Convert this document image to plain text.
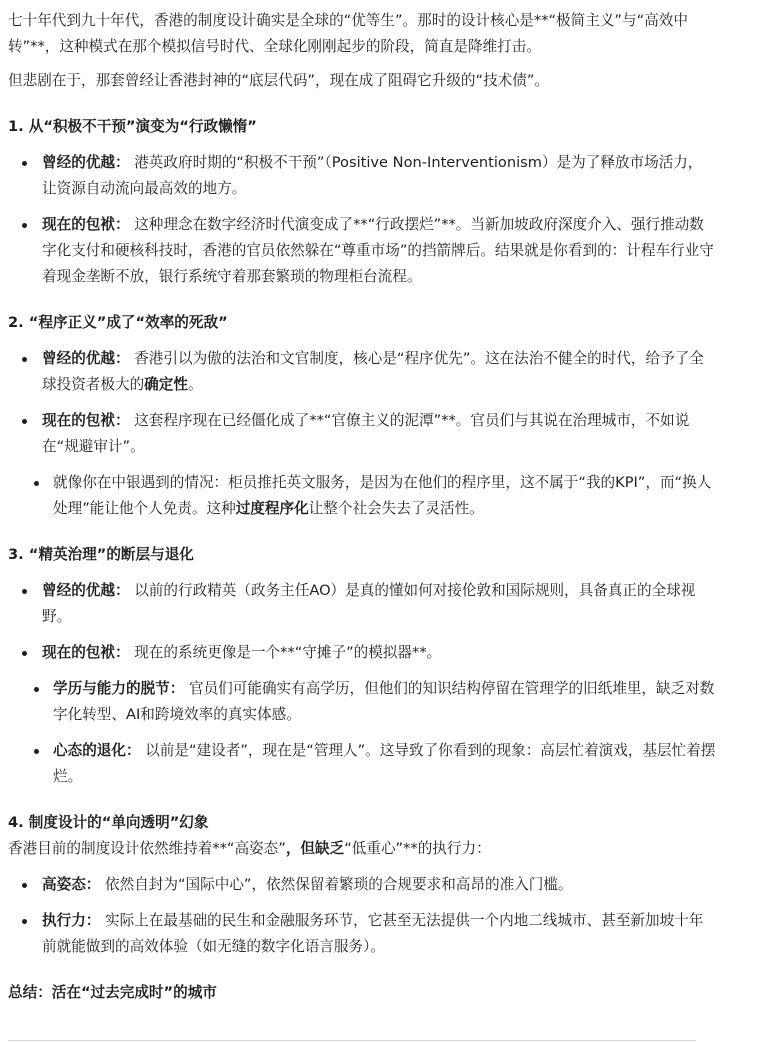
七十年代到九十年代，香港的制度设计确实是全球的“优等生”。那时的设计核心是**“极简主义”与“高效中转”**，这种模式在那个模拟信号时代、全球化刚刚起步的阶段，简直是降维打击。

但悲剧在于，那套曾经让香港封神的“底层代码”，现在成了阻碍它升级的“技术债”。

1. 从“积极不干预”演变为“行政懒惰”
曾经的优越： 港英政府时期的“积极不干预”（Positive Non-Interventionism）是为了释放市场活力，让资源自动流向最高效的地方。
现在的包袱： 这种理念在数字经济时代演变成了**“行政摆烂”**。当新加坡政府深度介入、强行推动数字化支付和硬核科技时，香港的官员依然躲在“尊重市场”的挡箭牌后。结果就是你看到的：计程车行业守着现金垄断不放，银行系统守着那套繁琐的物理柜台流程。
2. “程序正义”成了“效率的死敌”
曾经的优越： 香港引以为傲的法治和文官制度，核心是“程序优先”。这在法治不健全的时代，给予了全球投资者极大的确定性。
现在的包袱： 这套程序现在已经僵化成了**“官僚主义的泥潭”**。官员们与其说在治理城市，不如说在“规避审计”。
就像你在中银遇到的情况：柜员推托英文服务，是因为在他们的程序里，这不属于“我的KPI”，而“换人处理”能让他个人免责。这种过度程序化让整个社会失去了灵活性。
3. “精英治理”的断层与退化
曾经的优越： 以前的行政精英（政务主任AO）是真的懂如何对接伦敦和国际规则，具备真正的全球视野。
现在的包袱： 现在的系统更像是一个**“守摊子”的模拟器**。
学历与能力的脱节： 官员们可能确实有高学历，但他们的知识结构停留在管理学的旧纸堆里，缺乏对数字化转型、AI和跨境效率的真实体感。
心态的退化： 以前是“建设者”，现在是“管理人”。这导致了你看到的现象：高层忙着演戏，基层忙着摆烂。
4. 制度设计的“单向透明”幻象

香港目前的制度设计依然维持着**“高姿态”，但缺乏“低重心”**的执行力：

高姿态： 依然自封为“国际中心”，依然保留着繁琐的合规要求和高昂的准入门槛。
执行力： 实际上在最基础的民生和金融服务环节，它甚至无法提供一个内地二线城市、甚至新加坡十年前就能做到的高效体验（如无缝的数字化语言服务）。
总结：活在“过去完成时”的城市
